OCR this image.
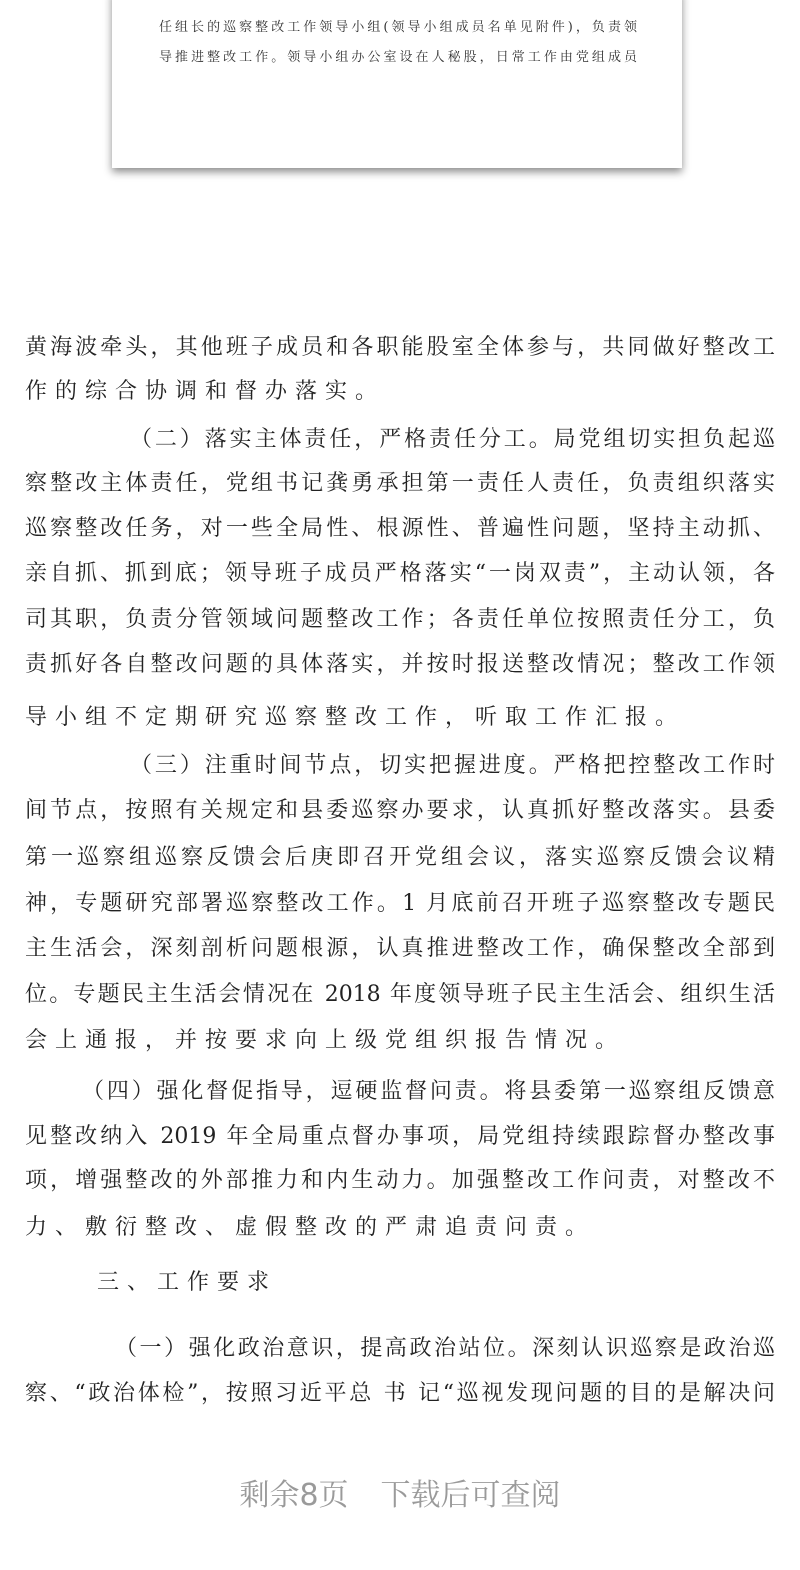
任组长的巡察整改工作领导小组(领导小组成员名单见附件)，负责领
导推进整改工作。领导小组办公室设在人秘股，日常工作由党组成员
黄海波牵头，其他班子成员和各职能股室全体参与，共同做好整改工
作的综合协调和督办落实。
（二）落实主体责任，严格责任分工。局党组切实担负起巡
察整改主体责任，党组书记龚勇承担第一责任人责任，负责组织落实
巡察整改任务，对一些全局性、根源性、普遍性问题，坚持主动抓、
亲自抓、抓到底；领导班子成员严格落实“一岗双责”，主动认领，各
司其职，负责分管领域问题整改工作；各责任单位按照责任分工，负
责抓好各自整改问题的具体落实，并按时报送整改情况；整改工作领
导小组不定期研究巡察整改工作，听取工作汇报。
（三）注重时间节点，切实把握进度。严格把控整改工作时
间节点，按照有关规定和县委巡察办要求，认真抓好整改落实。县委
第一巡察组巡察反馈会后庚即召开党组会议，落实巡察反馈会议精
神，专题研究部署巡察整改工作。1 月底前召开班子巡察整改专题民
主生活会，深刻剖析问题根源，认真推进整改工作，确保整改全部到
位。专题民主生活会情况在 2018 年度领导班子民主生活会、组织生活
会上通报，并按要求向上级党组织报告情况。
（四）强化督促指导，逗硬监督问责。将县委第一巡察组反馈意
见整改纳入 2019 年全局重点督办事项，局党组持续跟踪督办整改事
项，增强整改的外部推力和内生动力。加强整改工作问责，对整改不
力、敷衍整改、虚假整改的严肃追责问责。
三、工作要求
（一）强化政治意识，提高政治站位。深刻认识巡察是政治巡
察、“政治体检”，按照习近平总 书 记“巡视发现问题的目的是解决问
剩余8页 下载后可查阅
